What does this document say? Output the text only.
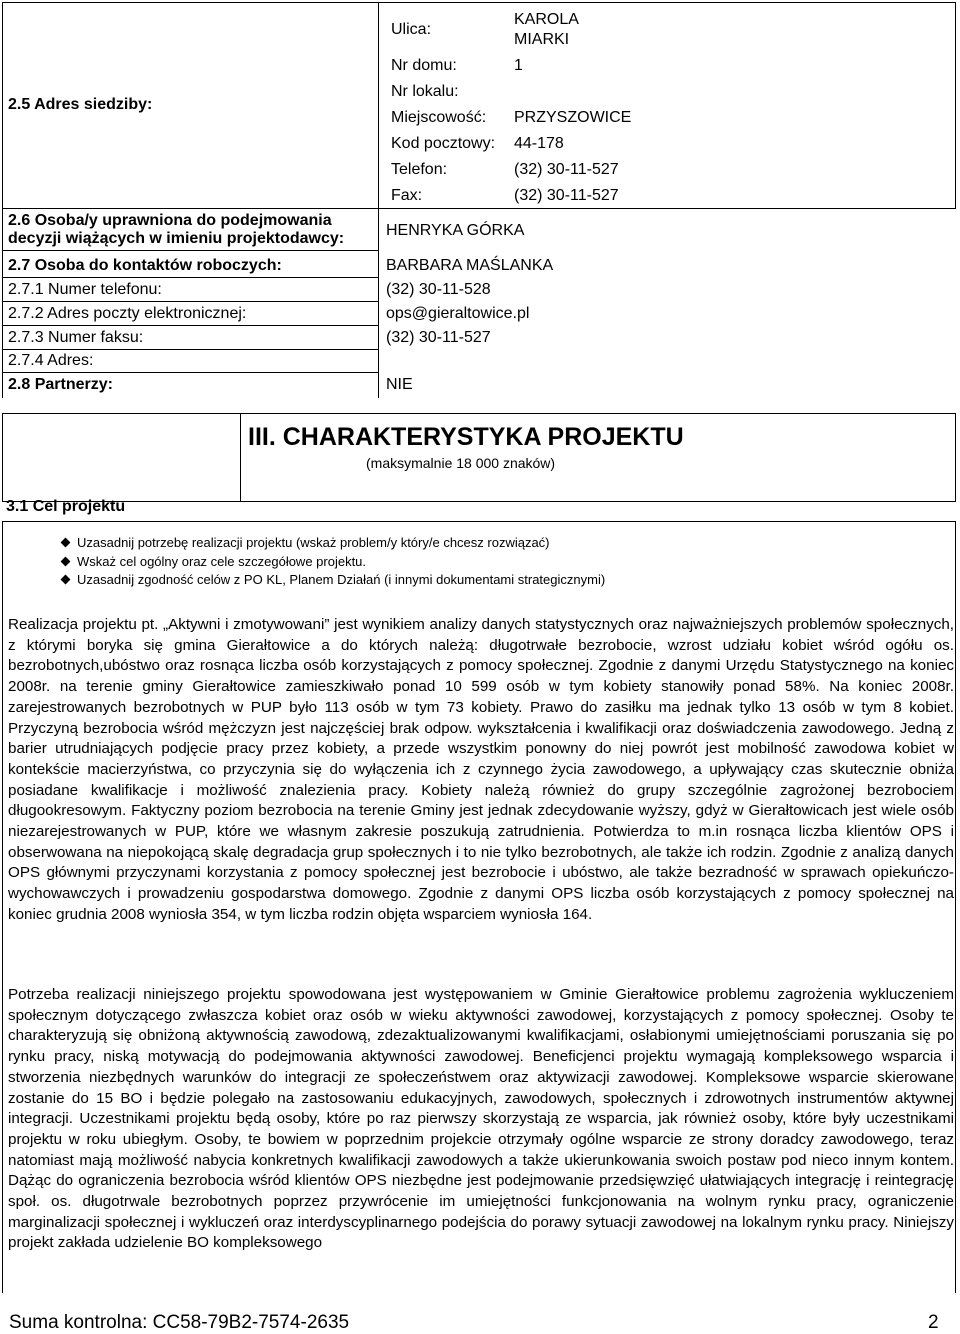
2.5 Adres siedziby:
Ulica:
KAROLA MIARKI
Nr domu:	1
Nr lokalu:
Miejscowość: PRZYSZOWICE
Kod pocztowy: 44-178
Telefon:	(32) 30-11-527
Fax:	(32) 30-11-527
2.6 Osoba/y uprawniona do podejmowania decyzji wiążących w imieniu projektodawcy:	HENRYKA GÓRKA
2.7 Osoba do kontaktów roboczych:	BARBARA MAŚLANKA
2.7.1 Numer telefonu:	(32) 30-11-528
2.7.2 Adres poczty elektronicznej:	ops@gieraltowice.pl
2.7.3 Numer faksu:	(32) 30-11-527
2.7.4 Adres:
2.8 Partnerzy:	NIE
III. CHARAKTERYSTYKA PROJEKTU
(maksymalnie 18 000 znaków)
3.1 Cel projektu
Uzasadnij potrzebę realizacji projektu (wskaż problem/y który/e chcesz rozwiązać)
Wskaż cel ogólny oraz cele szczegółowe projektu.
Uzasadnij zgodność celów z PO KL, Planem Działań (i innymi dokumentami strategicznymi)
Realizacja projektu pt. „Aktywni i zmotywowani” jest wynikiem analizy danych statystycznych oraz najważniejszych problemów społecznych, z którymi boryka się gmina Gierałtowice a do których należą: długotrwałe bezrobocie, wzrost udziału kobiet wśród ogółu os. bezrobotnych,ubóstwo oraz rosnąca liczba osób korzystających z pomocy społecznej. Zgodnie z danymi Urzędu Statystycznego na koniec 2008r. na terenie gminy Gierałtowice zamieszkiwało ponad 10 599 osób w tym kobiety stanowiły ponad 58%. Na koniec 2008r. zarejestrowanych bezrobotnych w PUP było 113 osób w tym 73 kobiety. Prawo do zasiłku ma jednak tylko 13 osób w tym 8 kobiet. Przyczyną bezrobocia wśród mężczyzn jest najczęściej brak odpow. wykształcenia i kwalifikacji oraz doświadczenia zawodowego. Jedną z barier utrudniających podjęcie pracy przez kobiety, a przede wszystkim ponowny do niej powrót jest mobilność zawodowa kobiet w kontekście macierzyństwa, co przyczynia się do wyłączenia ich z czynnego życia zawodowego, a upływający czas skutecznie obniża posiadane kwalifikacje i możliwość znalezienia pracy. Kobiety należą również do grupy szczególnie zagrożonej bezrobociem długookresowym. Faktyczny poziom bezrobocia na terenie Gminy jest jednak zdecydowanie wyższy, gdyż w Gierałtowicach jest wiele osób niezarejestrowanych w PUP, które we własnym zakresie poszukują zatrudnienia. Potwierdza to m.in rosnąca liczba klientów OPS i obserwowana na niepokojącą skalę degradacja grup społecznych i to nie tylko bezrobotnych, ale także ich rodzin. Zgodnie z analizą danych OPS głównymi przyczynami korzystania z pomocy społecznej jest bezrobocie i ubóstwo, ale także bezradność w sprawach opiekuńczo-wychowawczych i prowadzeniu gospodarstwa domowego. Zgodnie z danymi OPS liczba osób korzystających z pomocy społecznej na koniec grudnia 2008 wyniosła 354, w tym liczba rodzin objęta wsparciem wyniosła 164.
Potrzeba realizacji niniejszego projektu spowodowana jest występowaniem w Gminie Gierałtowice problemu zagrożenia wykluczeniem społecznym dotyczącego zwłaszcza kobiet oraz osób w wieku aktywności zawodowej, korzystających z pomocy społecznej. Osoby te charakteryzują się obniżoną aktywnością zawodową, zdezaktualizowanymi kwalifikacjami, osłabionymi umiejętnościami poruszania się po rynku pracy, niską motywacją do podejmowania aktywności zawodowej. Beneficjenci projektu wymagają kompleksowego wsparcia i stworzenia niezbędnych warunków do integracji ze społeczeństwem oraz aktywizacji zawodowej. Kompleksowe wsparcie skierowane zostanie do 15 BO i będzie polegało na zastosowaniu edukacyjnych, zawodowych, społecznych i zdrowotnych instrumentów aktywnej integracji. Uczestnikami projektu będą osoby, które po raz pierwszy skorzystają ze wsparcia, jak również osoby, które były uczestnikami projektu w roku ubiegłym. Osoby, te bowiem w poprzednim projekcie otrzymały ogólne wsparcie ze strony doradcy zawodowego, teraz natomiast mają możliwość nabycia konkretnych kwalifikacji zawodowych a także ukierunkowania swoich postaw pod nieco innym kontem. Dążąc do ograniczenia bezrobocia wśród klientów OPS niezbędne jest podejmowanie przedsięwzięć ułatwiających integrację i reintegrację społ. os. długotrwale bezrobotnych poprzez przywrócenie im umiejętności funkcjonowania na wolnym rynku pracy, ograniczenie marginalizacji społecznej i wykluczeń oraz interdyscyplinarnego podejścia do porawy sytuacji zawodowej na lokalnym rynku pracy. Niniejszy projekt zakłada udzielenie BO kompleksowego
Suma kontrolna: CC58-79B2-7574-2635	2
